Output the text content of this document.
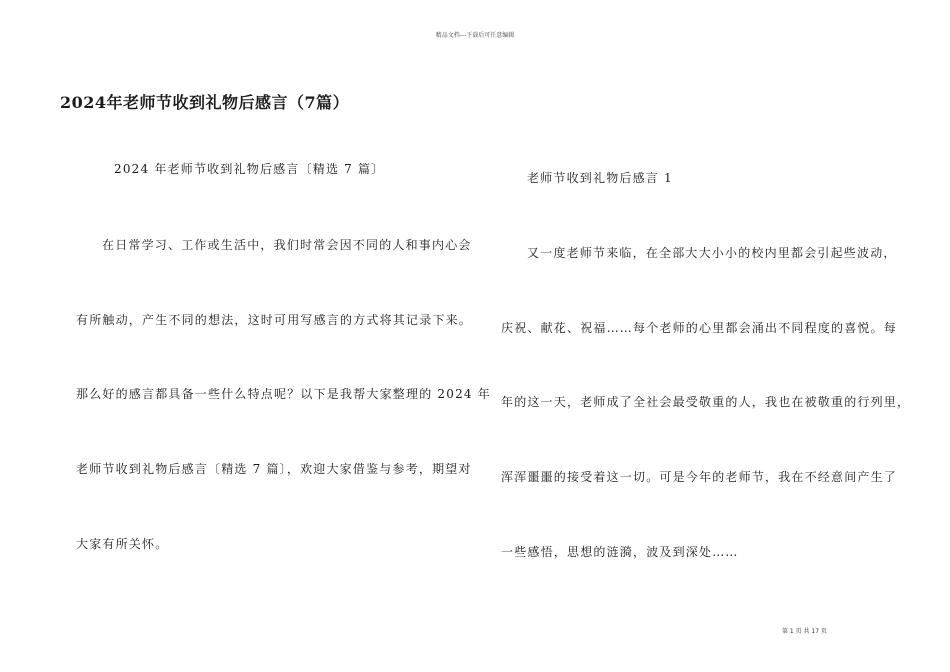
精品文档---下载后可任意编辑
2024年老师节收到礼物后感言（7篇）
2024 年老师节收到礼物后感言〔精选 7 篇〕
在日常学习、工作或生活中，我们时常会因不同的人和事内心会
有所触动，产生不同的想法，这时可用写感言的方式将其记录下来。
那么好的感言都具备一些什么特点呢？以下是我帮大家整理的 2024 年
老师节收到礼物后感言〔精选 7 篇〕，欢迎大家借鉴与参考，期望对
大家有所关怀。
老师节收到礼物后感言 1
又一度老师节来临，在全部大大小小的校内里都会引起些波动，
庆祝、献花、祝福……每个老师的心里都会涌出不同程度的喜悦。每
年的这一天，老师成了全社会最受敬重的人，我也在被敬重的行列里，
浑浑噩噩的接受着这一切。可是今年的老师节，我在不经意间产生了
一些感悟，思想的涟漪，波及到深处……
第 1 页 共 17 页
